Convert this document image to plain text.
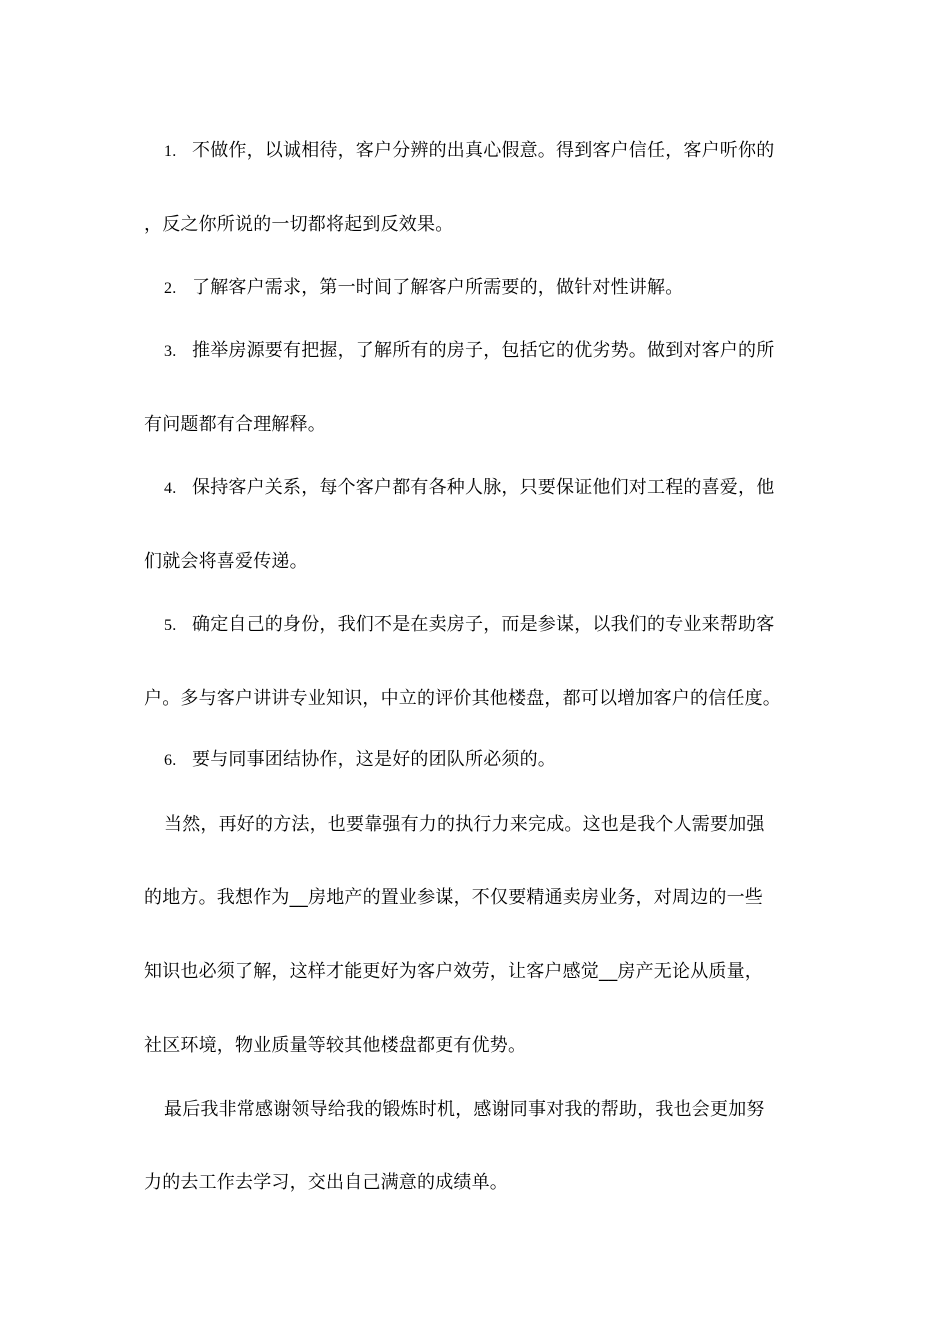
1. 不做作，以诚相待，客户分辨的出真心假意。得到客户信任，客户听你的
，反之你所说的一切都将起到反效果。
2. 了解客户需求，第一时间了解客户所需要的，做针对性讲解。
3. 推举房源要有把握，了解所有的房子，包括它的优劣势。做到对客户的所
有问题都有合理解释。
4. 保持客户关系，每个客户都有各种人脉，只要保证他们对工程的喜爱，他
们就会将喜爱传递。
5. 确定自己的身份，我们不是在卖房子，而是参谋，以我们的专业来帮助客
户。多与客户讲讲专业知识，中立的评价其他楼盘，都可以增加客户的信任度。
6. 要与同事团结协作，这是好的团队所必须的。
当然，再好的方法，也要靠强有力的执行力来完成。这也是我个人需要加强
的地方。我想作为__房地产的置业参谋，不仅要精通卖房业务，对周边的一些
知识也必须了解，这样才能更好为客户效劳，让客户感觉__房产无论从质量，
社区环境，物业质量等较其他楼盘都更有优势。
最后我非常感谢领导给我的锻炼时机，感谢同事对我的帮助，我也会更加努
力的去工作去学习，交出自己满意的成绩单。
